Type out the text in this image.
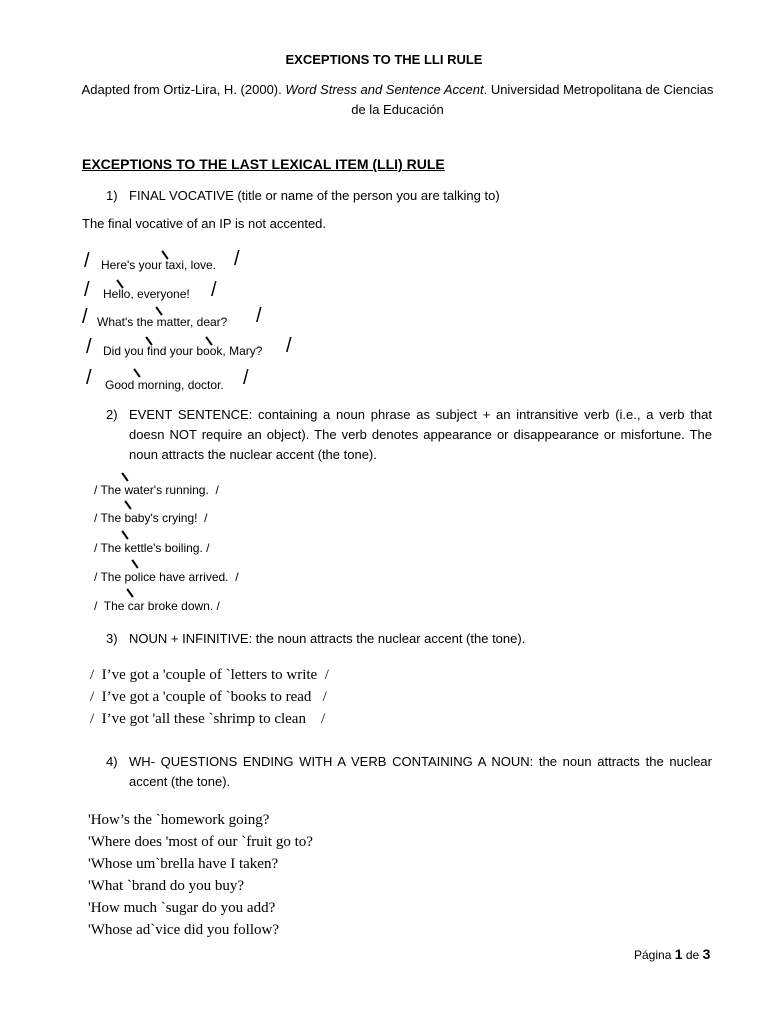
EXCEPTIONS TO THE LLI RULE
Adapted from Ortiz-Lira, H. (2000). Word Stress and Sentence Accent. Universidad Metropolitana de Ciencias de la Educación
EXCEPTIONS TO THE LAST LEXICAL ITEM (LLI) RULE
1) FINAL VOCATIVE (title or name of the person you are talking to)
The final vocative of an IP is not accented.
/ Here's your taxi, love. /
/ Hello, everyone! /
/ What's the matter, dear? /
/ Did you find your book, Mary? /
/ Good morning, doctor. /
2) EVENT SENTENCE: containing a noun phrase as subject + an intransitive verb (i.e., a verb that doesn NOT require an object). The verb denotes appearance or disappearance or misfortune. The noun attracts the nuclear accent (the tone).
/ The water's running.  /
/ The baby's crying!  /
/ The kettle's boiling. /
/ The police have arrived.  /
/  The car broke down. /
3) NOUN + INFINITIVE: the noun attracts the nuclear accent (the tone).
/  I’ve got a 'couple of `letters to write  /
/  I’ve got a 'couple of `books to read   /
/  I’ve got 'all these `shrimp to clean    /
4) WH- QUESTIONS ENDING WITH A VERB CONTAINING A NOUN: the noun attracts the nuclear accent (the tone).
'How’s the `homework going?
'Where does 'most of our `fruit go to?
'Whose um`brella have I taken?
'What `brand do you buy?
'How much `sugar do you add?
'Whose ad`vice did you follow?
Página 1 de 3
